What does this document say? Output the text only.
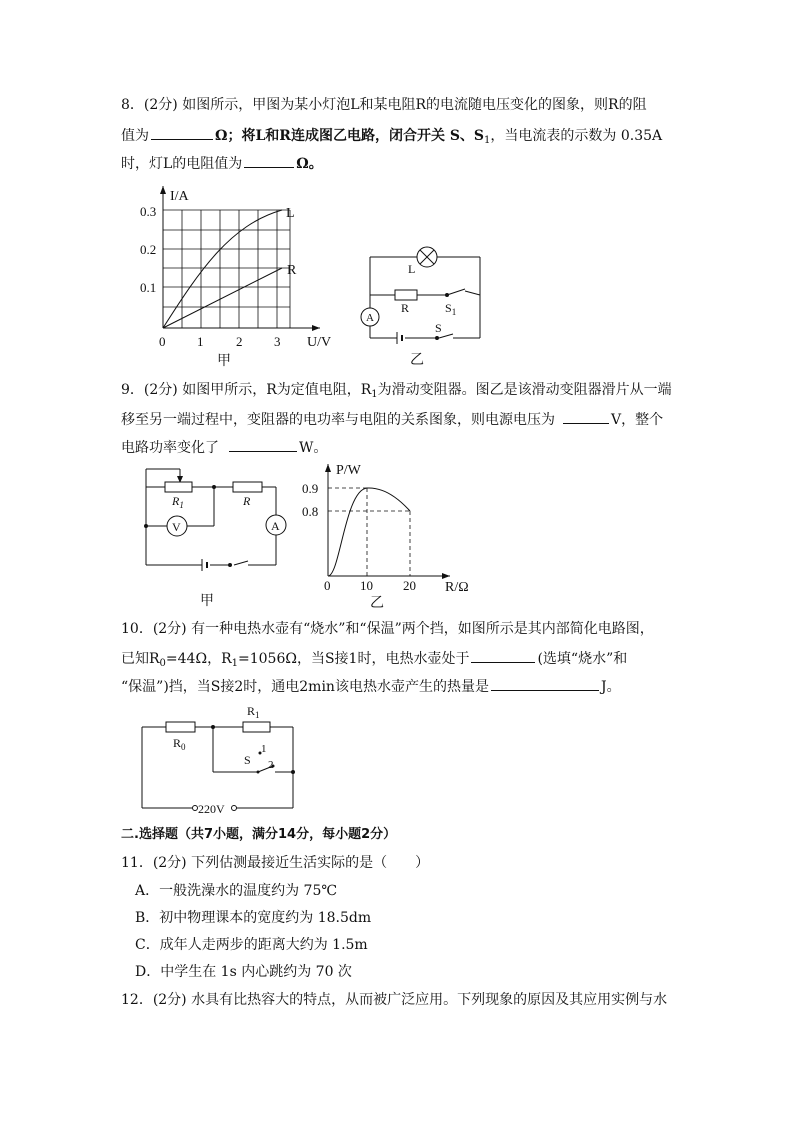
8．(2分) 如图所示，甲图为某小灯泡L和某电阻R的电流随电压变化的图象，则R的阻
值为	Ω；将L和R连成图乙电路，闭合开关 S、$S_1$，当电流表的示数为 0.35A
时，灯L的电阻值为	Ω。
I/A
U/V
0.3
0.2
0.1
0 1	2 3
L
R
甲
A
L
R	$S_1$
S
乙
9．(2分) 如图甲所示，R为定值电阻，$R_1$为滑动变阻器。图乙是该滑动变阻器滑片从一端
移至另一端过程中，变阻器的电功率与电阻的关系图象，则电源电压为	V，整个
电路功率变化了	W。
V	A
$R_1$	R
甲
P/W
R/Ω
0.9
0.8
0 10 20
乙
10．(2分) 有一种电热水壶有“烧水”和“保温”两个挡，如图所示是其内部简化电路图，
已知$R_0=44\Omega$，$R_1=1056\Omega$，当S接1时，电热水壶处于	(选填“烧水”和
“保温”)挡，当S接2时，通电2min该电热水壶产生的热量是	J。
$R_1$
$R_0$
S
1
2
220V
二.选择题（共7小题，满分14分，每小题2分）
11．(2分) 下列估测最接近生活实际的是（　　）
A．一般洗澡水的温度约为 75℃
B．初中物理课本的宽度约为 18.5dm
C．成年人走两步的距离大约为 1.5m
D．中学生在 1s 内心跳约为 70 次
12．(2分) 水具有比热容大的特点，从而被广泛应用。下列现象的原因及其应用实例与水
